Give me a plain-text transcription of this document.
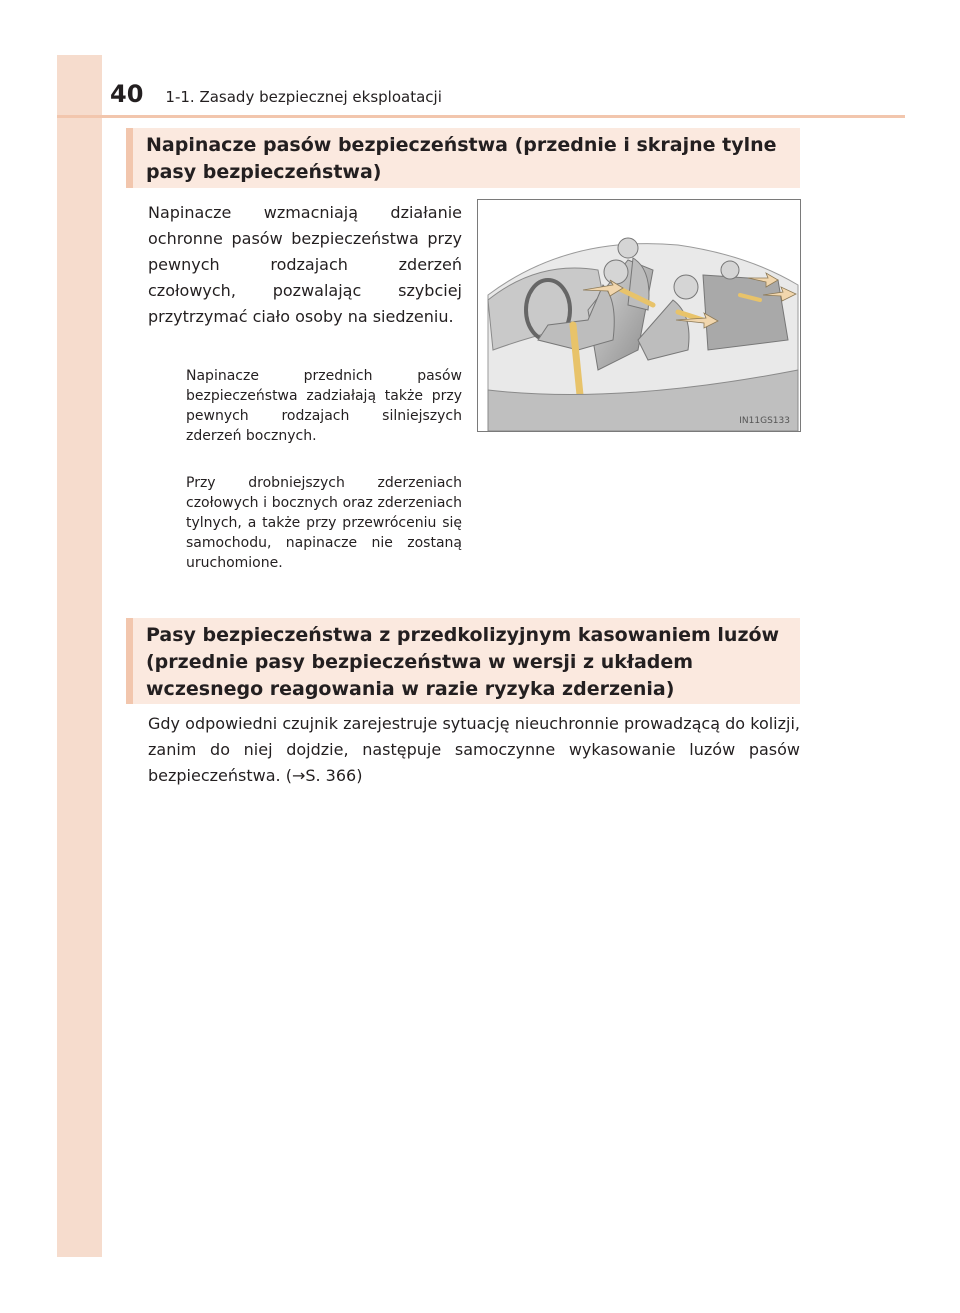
40 1-1. Zasady bezpiecznej eksploatacji
Napinacze pasów bezpieczeństwa (przednie i skrajne tylne pasy bezpieczeństwa)
Napinacze wzmacniają działanie ochronne pasów bezpieczeństwa przy pewnych rodzajach zderzeń czołowych, pozwalając szybciej przytrzymać ciało osoby na siedzeniu.
Napinacze przednich pasów bezpieczeństwa zadziałają także przy pewnych rodzajach silniejszych zderzeń bocznych.
Przy drobniejszych zderzeniach czołowych i bocznych oraz zderzeniach tylnych, a także przy przewróceniu się samochodu, napinacze nie zostaną uruchomione.
IN11GS133
Pasy bezpieczeństwa z przedkolizyjnym kasowaniem luzów (przednie pasy bezpieczeństwa w wersji z układem wczesnego reagowania w razie ryzyka zderzenia)
Gdy odpowiedni czujnik zarejestruje sytuację nieuchronnie prowadzącą do kolizji, zanim do niej dojdzie, następuje samoczynne wykasowanie luzów pasów bezpieczeństwa. (→S. 366)
